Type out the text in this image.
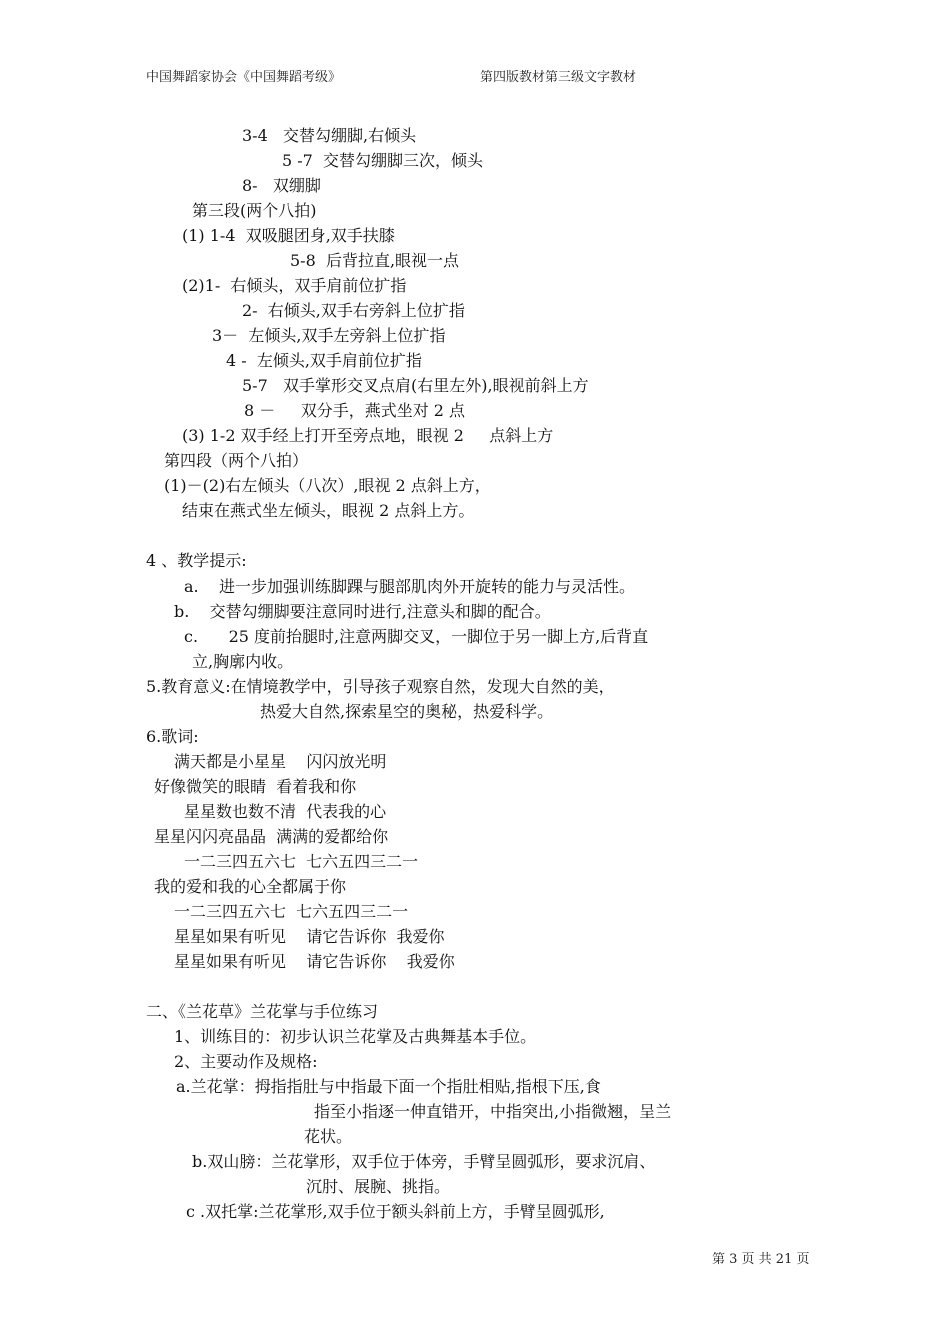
中国舞蹈家协会《中国舞蹈考级》	第四版教材第三级文字教材
3-4   交替勾绷脚,右倾头
5 -7  交替勾绷脚三次，倾头
8-   双绷脚
第三段(两个八拍)
(1) 1-4  双吸腿团身,双手扶膝
5-8  后背拉直,眼视一点
(2)1-  右倾头，双手肩前位扩指
2-  右倾头,双手右旁斜上位扩指
3－  左倾头,双手左旁斜上位扩指
4 -  左倾头,双手肩前位扩指
5-7   双手掌形交叉点肩(右里左外),眼视前斜上方
8 －     双分手，燕式坐对 2 点
(3) 1-2 双手经上打开至旁点地，眼视 2     点斜上方
第四段（两个八拍）
(1)－(2)右左倾头（八次）,眼视 2 点斜上方，
结束在燕式坐左倾头，眼视 2 点斜上方。
4 、教学提示:
a.    进一步加强训练脚踝与腿部肌肉外开旋转的能力与灵活性。
b.    交替勾绷脚要注意同时进行,注意头和脚的配合。
c.      25 度前抬腿时,注意两脚交叉，一脚位于另一脚上方,后背直
立,胸廓内收。
5.教育意义:在情境教学中，引导孩子观察自然，发现大自然的美，
热爱大自然,探索星空的奥秘，热爱科学。
6.歌词:
满天都是小星星    闪闪放光明
好像微笑的眼睛  看着我和你
星星数也数不清  代表我的心
星星闪闪亮晶晶  满满的爱都给你
一二三四五六七  七六五四三二一
我的爱和我的心全都属于你
一二三四五六七  七六五四三二一
星星如果有听见    请它告诉你  我爱你
星星如果有听见    请它告诉你    我爱你
二、《兰花草》兰花掌与手位练习
1、训练目的：初步认识兰花掌及古典舞基本手位。
2、主要动作及规格:
a.兰花掌：拇指指肚与中指最下面一个指肚相贴,指根下压,食
指至小指逐一伸直错开，中指突出,小指微翘，呈兰
花状。
b.双山膀：兰花掌形，双手位于体旁，手臂呈圆弧形，要求沉肩、
沉肘、展腕、挑指。
c .双托掌:兰花掌形,双手位于额头斜前上方，手臂呈圆弧形,
第 3 页 共 21 页
